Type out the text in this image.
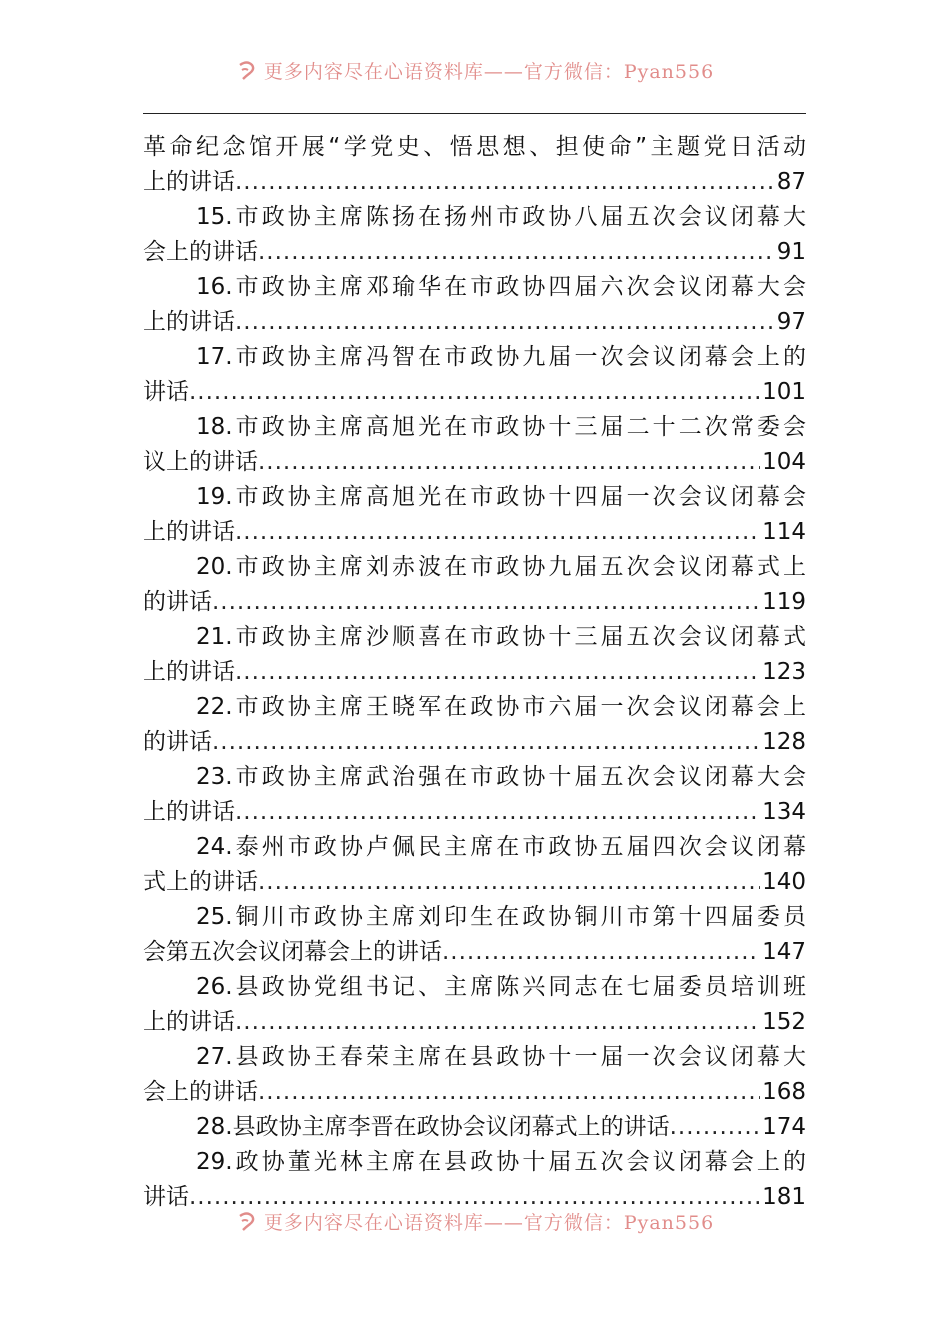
更多内容尽在心语资料库——官方微信：Pyan556
革命纪念馆开展“学党史、悟思想、担使命”主题党日活动
上的讲话 .....	87
15.市政协主席陈扬在扬州市政协八届五次会议闭幕大
会上的讲话 .....	91
16.市政协主席邓瑜华在市政协四届六次会议闭幕大会
上的讲话 .....	97
17.市政协主席冯智在市政协九届一次会议闭幕会上的
讲话 .....	101
18.市政协主席高旭光在市政协十三届二十二次常委会
议上的讲话 .....	104
19.市政协主席高旭光在市政协十四届一次会议闭幕会
上的讲话 .....	114
20.市政协主席刘赤波在市政协九届五次会议闭幕式上
的讲话 .....	119
21.市政协主席沙顺喜在市政协十三届五次会议闭幕式
上的讲话 .....	123
22.市政协主席王晓军在政协市六届一次会议闭幕会上
的讲话 .....	128
23.市政协主席武治强在市政协十届五次会议闭幕大会
上的讲话 .....	134
24.泰州市政协卢佩民主席在市政协五届四次会议闭幕
式上的讲话 .....	140
25.铜川市政协主席刘印生在政协铜川市第十四届委员
会第五次会议闭幕会上的讲话 .....	147
26.县政协党组书记、主席陈兴同志在七届委员培训班
上的讲话 .....	152
27.县政协王春荣主席在县政协十一届一次会议闭幕大
会上的讲话 .....	168
28.县政协主席李晋在政协会议闭幕式上的讲话 .....	174
29.政协董光林主席在县政协十届五次会议闭幕会上的
讲话 .....	181
更多内容尽在心语资料库——官方微信：Pyan556
